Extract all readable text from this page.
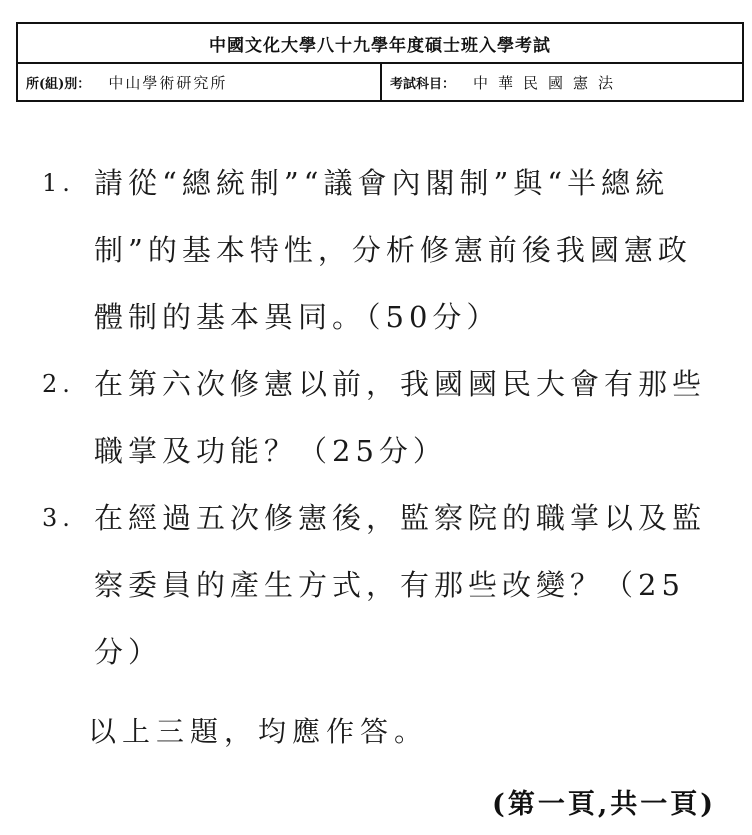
中國文化大學八十九學年度碩士班入學考試
所(組)別： 中山學術研究所	考試科目： 中華民國憲法
1. 請從“總統制”“議會內閣制”與“半總統制”的基本特性，分析修憲前後我國憲政體制的基本異同。（50分）
2. 在第六次修憲以前，我國國民大會有那些職掌及功能？（25分）
3. 在經過五次修憲後，監察院的職掌以及監察委員的產生方式，有那些改變？（25分）
以上三題，均應作答。
(第一頁,共一頁)
